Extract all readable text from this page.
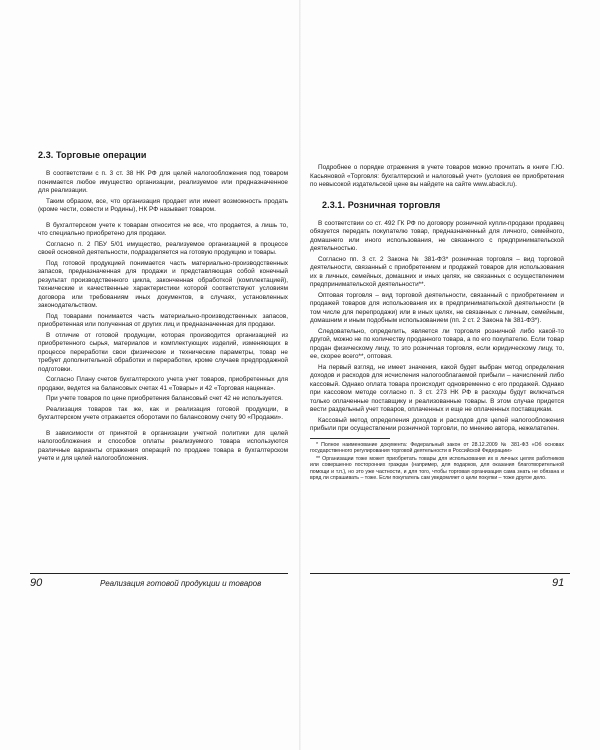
2.3. Торговые операции

В соответствии с п. 3 ст. 38 НК РФ для целей налогообложения под товаром понимается любое имущество организации, реализуемое или предназначенное для реализации.

Таким образом, все, что организация продает или имеет возможность продать (кроме чести, совести и Родины), НК РФ называет товаром.

В бухгалтерском учете к товарам относится не все, что продается, а лишь то, что специально приобретено для продажи.

Согласно п. 2 ПБУ 5/01 имущество, реализуемое организацией в процессе своей основной деятельности, подразделяется на готовую продукцию и товары.

Под готовой продукцией понимается часть материально-производственных запасов, предназначенная для продажи и представляющая собой конечный результат производственного цикла, законченная обработкой (комплектацией), технические и качественные характеристики которой соответствуют условиям договора или требованиям иных документов, в случаях, установленных законодательством.

Под товарами понимается часть материально-производственных запасов, приобретенная или полученная от других лиц и предназначенная для продажи.

В отличие от готовой продукции, которая производится организацией из приобретенного сырья, материалов и комплектующих изделий, изменяющих в процессе переработки свои физические и технические параметры, товар не требует дополнительной обработки и переработки, кроме случаев предпродажной подготовки.

Согласно Плану счетов бухгалтерского учета учет товаров, приобретенных для продажи, ведется на балансовых счетах 41 «Товары» и 42 «Торговая наценка».

При учете товаров по цене приобретения балансовый счет 42 не используется.

Реализация товаров так же, как и реализация готовой продукции, в бухгалтерском учете отражается оборотами по балансовому счету 90 «Продажи».

В зависимости от принятой в организации учетной политики для целей налогообложения и способов оплаты реализуемого товара используются различные варианты отражения операций по продаже товара в бухгалтерском учете и для целей налогообложения.

90	Реализация готовой продукции и товаров

Подробнее о порядке отражения в учете товаров можно прочитать в книге Г.Ю. Касьяновой «Торговля: бухгалтерский и налоговый учет» (условия ее приобретения по невысокой издательской цене вы найдете на сайте www.aback.ru).

2.3.1. Розничная торговля

В соответствии со ст. 492 ГК РФ по договору розничной купли-продажи продавец обязуется передать покупателю товар, предназначенный для личного, семейного, домашнего или иного использования, не связанного с предпринимательской деятельностью.

Согласно пп. 3 ст. 2 Закона № 381-ФЗ* розничная торговля – вид торговой деятельности, связанный с приобретением и продажей товаров для использования их в личных, семейных, домашних и иных целях, не связанных с осуществлением предпринимательской деятельности**.

Оптовая торговля – вид торговой деятельности, связанный с приобретением и продажей товаров для использования их в предпринимательской деятельности (в том числе для перепродажи) или в иных целях, не связанных с личным, семейным, домашним и иным подобным использованием (пп. 2 ст. 2 Закона № 381-ФЗ*).

Следовательно, определить, является ли торговля розничной либо какой-то другой, можно не по количеству проданного товара, а по его покупателю. Если товар продан физическому лицу, то это розничная торговля, если юридическому лицу, то, ее, скорее всего**, оптовая.

На первый взгляд, не имеет значения, какой будет выбран метод определения доходов и расходов для исчисления налогооблагаемой прибыли – начислений либо кассовый. Однако оплата товара происходит одновременно с его продажей. Однако при кассовом методе согласно п. 3 ст. 273 НК РФ в расходы будут включаться только оплаченные поставщику и реализованные товары. В этом случае придется вести раздельный учет товаров, оплаченных и еще не оплаченных поставщикам.

Кассовый метод определения доходов и расходов для целей налогообложения прибыли при осуществлении розничной торговли, по мнению автора, нежелателен.

* Полное наименование документа: Федеральный закон от 28.12.2009 № 381-ФЗ «Об основах государственного регулирования торговой деятельности в Российской Федерации»

** Организации тоже может приобретать товары для использования их в личных целях работников или совершенно посторонних граждан (например, для подарков, для оказания благотворительной помощи и т.п.), но это уже частности, и для того, чтобы торговая организация сама знать не обязана и вряд ли спрашивать – тоже. Если покупатель сам уведомляет о цели покупки – тоже другое дело.

91
